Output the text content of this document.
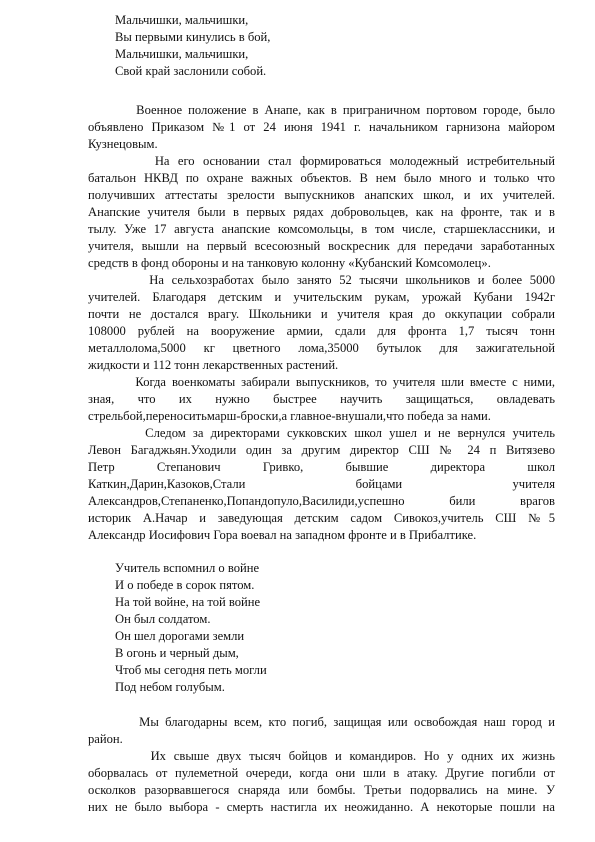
Мальчишки, мальчишки,
Вы первыми кинулись в бой,
Мальчишки, мальчишки,
Свой край заслонили собой.
Военное положение в Анапе, как в приграничном портовом городе, было
объявлено Приказом №1 от 24 июня 1941 г. начальником гарнизона майором
Кузнецовым.
На его основании стал формироваться молодежный истребительный
батальон НКВД по охране важных объектов. В нем было много и только что
получивших аттестаты зрелости выпускников анапских школ, и их учителей.
Анапские учителя были в первых рядах добровольцев, как на фронте, так и в
тылу. Уже 17 августа анапские комсомольцы, в том числе, старшеклассники, и
учителя, вышли на первый всесоюзный воскресник для передачи заработанных
средств в фонд обороны и на танковую колонну «Кубанский Комсомолец».
На сельхозработах было занято 52 тысячи школьников и более 5000
учителей. Благодаря детским и учительским рукам, урожай Кубани 1942г
почти не достался врагу. Школьники и учителя края до оккупации собрали
108000 рублей на вооружение армии, сдали для фронта 1,7 тысяч тонн
металлолома,5000 кг цветного лома,35000 бутылок для зажигательной
жидкости и 112 тонн лекарственных растений.
Когда военкоматы забирали выпускников, то учителя шли вместе с ними,
зная, что их нужно быстрее научить защищаться, овладевать
стрельбой,переноситьмарш-броски,а главное-внушали,что победа за нами.
Следом за директорами сукковских школ ушел и не вернулся учитель
Левон Багаджьян.Уходили один за другим директор СШ № 24 п Витязево
Петр Степанович Гривко, бывшие директора школ
Каткин,Дарин,Казоков,Стали бойцами учителя
Александров,Степаненко,Попандопуло,Василиди,успешно били врагов
историк А.Начар и заведующая детским садом Сивокоз,учитель СШ №5
Александр Иосифович Гора воевал на западном фронте и в Прибалтике.
Учитель вспомнил о войне
И о победе в сорок пятом.
На той войне, на той войне
Он был солдатом.
Он шел дорогами земли
В огонь и черный дым,
Чтоб мы сегодня петь могли
Под небом голубым.
Мы благодарны всем, кто погиб, защищая или освобождая наш город и
район.
Их свыше двух тысяч бойцов и командиров. Но у одних их жизнь
оборвалась от пулеметной очереди, когда они шли в атаку. Другие погибли от
осколков разорвавшегося снаряда или бомбы. Третьи подорвались на мине. У
них не было выбора - смерть настигла их неожиданно. А некоторые пошли на
